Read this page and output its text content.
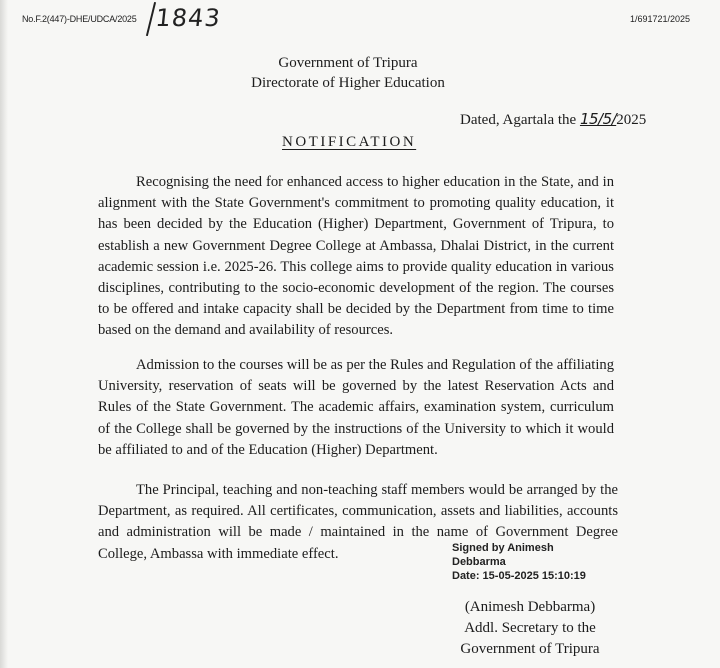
No.F.2(447)-DHE/UDCA/2025 1843	1/691721/2025
Government of Tripura
Directorate of Higher Education
Dated, Agartala the 15/5/2025
NOTIFICATION
Recognising the need for enhanced access to higher education in the State, and in alignment with the State Government's commitment to promoting quality education, it has been decided by the Education (Higher) Department, Government of Tripura, to establish a new Government Degree College at Ambassa, Dhalai District, in the current academic session i.e. 2025-26. This college aims to provide quality education in various disciplines, contributing to the socio-economic development of the region. The courses to be offered and intake capacity shall be decided by the Department from time to time based on the demand and availability of resources.
Admission to the courses will be as per the Rules and Regulation of the affiliating University, reservation of seats will be governed by the latest Reservation Acts and Rules of the State Government. The academic affairs, examination system, curriculum of the College shall be governed by the instructions of the University to which it would be affiliated to and of the Education (Higher) Department.
The Principal, teaching and non-teaching staff members would be arranged by the Department, as required. All certificates, communication, assets and liabilities, accounts and administration will be made / maintained in the name of Government Degree College, Ambassa with immediate effect.	Signed by Animesh
Debbarma
Date: 15-05-2025 15:10:19
(Animesh Debbarma)
Addl. Secretary to the
Government of Tripura
